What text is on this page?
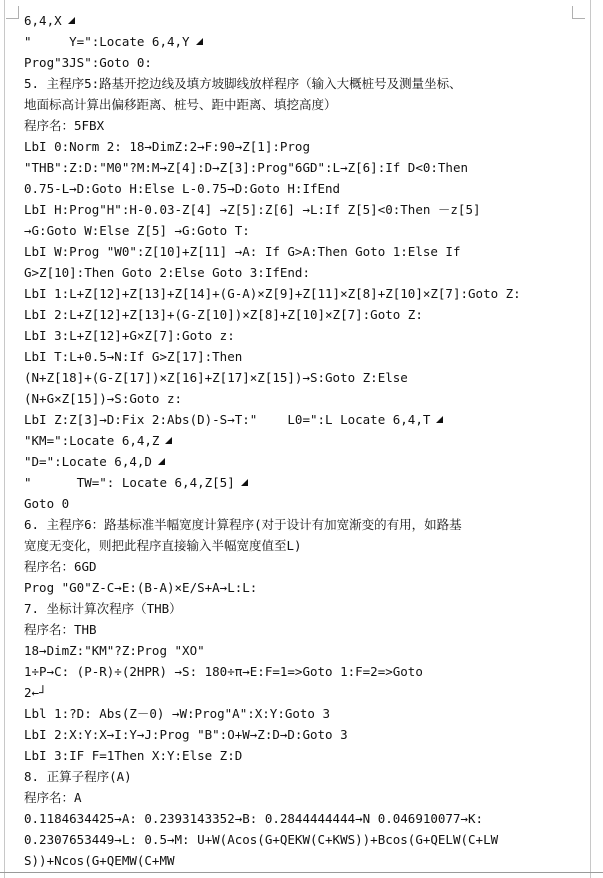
6,4,X
"     Y=":Locate 6,4,Y
Prog"3JS":Goto 0:
5. 主程序5:路基开挖边线及填方坡脚线放样程序（输入大概桩号及测量坐标、
地面标高计算出偏移距离、桩号、距中距离、填挖高度）
程序名：5FBX
LbI 0:Norm 2: 18→DimZ:2→F:90→Z[1]:Prog
"THB":Z:D:"M0"?M:M→Z[4]:D→Z[3]:Prog"6GD":L→Z[6]:If D<0:Then
0.75-L→D:Goto H:Else L-0.75→D:Goto H:IfEnd
LbI H:Prog"H":H-0.03-Z[4] →Z[5]:Z[6] →L:If Z[5]<0:Then －z[5]
→G:Goto W:Else Z[5] →G:Goto T:
LbI W:Prog "W0":Z[10]+Z[11] →A: If G>A:Then Goto 1:Else If
G>Z[10]:Then Goto 2:Else Goto 3:IfEnd:
LbI 1:L+Z[12]+Z[13]+Z[14]+(G-A)×Z[9]+Z[11]×Z[8]+Z[10]×Z[7]:Goto Z:
LbI 2:L+Z[12]+Z[13]+(G-Z[10])×Z[8]+Z[10]×Z[7]:Goto Z:
LbI 3:L+Z[12]+G×Z[7]:Goto z:
LbI T:L+0.5→N:If G>Z[17]:Then
(N+Z[18]+(G-Z[17])×Z[16]+Z[17]×Z[15])→S:Goto Z:Else
(N+G×Z[15])→S:Goto z:
LbI Z:Z[3]→D:Fix 2:Abs(D)-S→T:"    L0=":L Locate 6,4,T
"KM=":Locate 6,4,Z
"D=":Locate 6,4,D
"      TW=": Locate 6,4,Z[5]
Goto 0
6. 主程序6：路基标准半幅宽度计算程序(对于设计有加宽渐变的有用，如路基
宽度无变化，则把此程序直接输入半幅宽度值至L)
程序名：6GD
Prog "G0"Z-C→E:(B-A)×E/S+A→L:L:
7. 坐标计算次程序（THB）
程序名：THB
18→DimZ:"KM"?Z:Prog "XO"
1÷P→C: (P-R)÷(2HPR) →S: 180÷π→E:F=1=>Goto 1:F=2=>Goto
2←┘
Lbl 1:?D: Abs(Z－0) →W:Prog"A":X:Y:Goto 3
LbI 2:X:Y:X→I:Y→J:Prog "B":O+W→Z:D→D:Goto 3
LbI 3:IF F=1Then X:Y:Else Z:D
8. 正算子程序(A)
程序名：A
0.1184634425→A: 0.2393143352→B: 0.2844444444→N 0.046910077→K:
0.2307653449→L: 0.5→M: U+W(Acos(G+QEKW(C+KWS))+Bcos(G+QELW(C+LW
S))+Ncos(G+QEMW(C+MW
